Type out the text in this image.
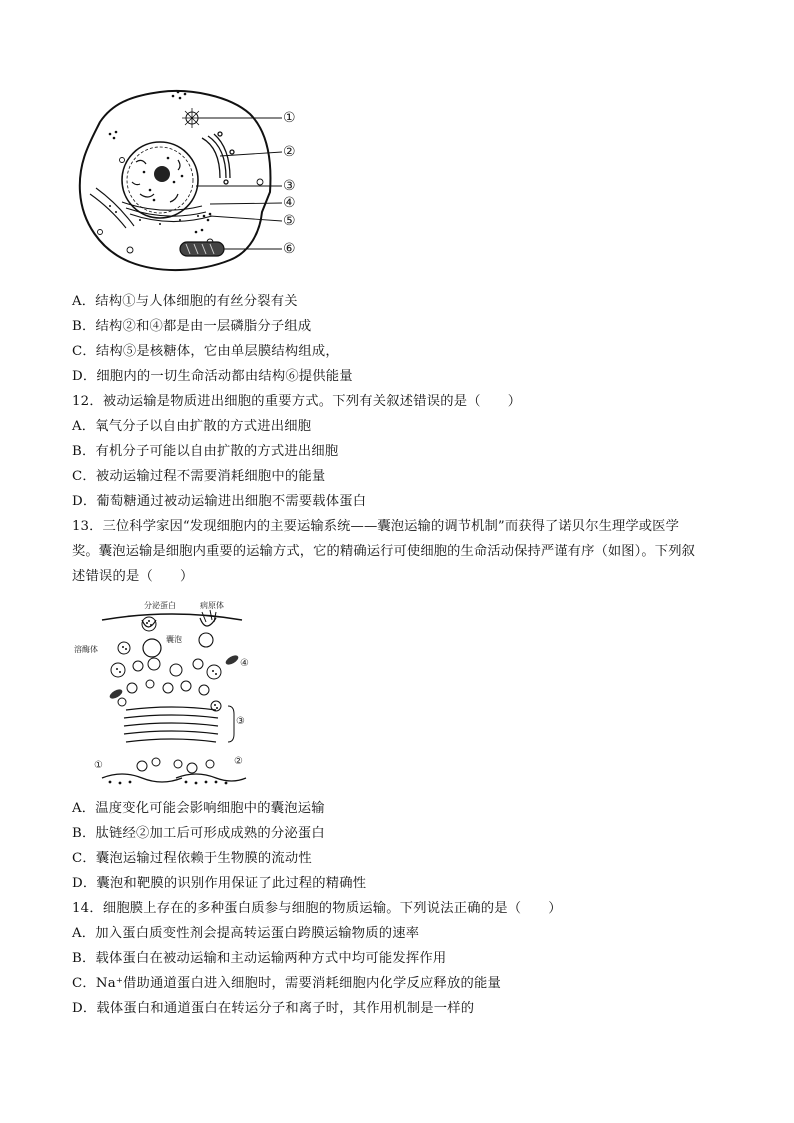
①
②
③
④
⑤
⑥
A．结构①与人体细胞的有丝分裂有关
B．结构②和④都是由一层磷脂分子组成
C．结构⑤是核糖体，它由单层膜结构组成，
D．细胞内的一切生命活动都由结构⑥提供能量
12．被动运输是物质进出细胞的重要方式。下列有关叙述错误的是（　　）
A．氧气分子以自由扩散的方式进出细胞
B．有机分子可能以自由扩散的方式进出细胞
C．被动运输过程不需要消耗细胞中的能量
D．葡萄糖通过被动运输进出细胞不需要载体蛋白
13．三位科学家因“发现细胞内的主要运输系统——囊泡运输的调节机制”而获得了诺贝尔生理学或医学
奖。囊泡运输是细胞内重要的运输方式，它的精确运行可使细胞的生命活动保持严谨有序（如图）。下列叙
述错误的是（　　）
分泌蛋白	病原体
囊泡
溶酶体
①	②
③
④
A．温度变化可能会影响细胞中的囊泡运输
B．肽链经②加工后可形成成熟的分泌蛋白
C．囊泡运输过程依赖于生物膜的流动性
D．囊泡和靶膜的识别作用保证了此过程的精确性
14．细胞膜上存在的多种蛋白质参与细胞的物质运输。下列说法正确的是（　　）
A．加入蛋白质变性剂会提高转运蛋白跨膜运输物质的速率
B．载体蛋白在被动运输和主动运输两种方式中均可能发挥作用
C．Na⁺借助通道蛋白进入细胞时，需要消耗细胞内化学反应释放的能量
D．载体蛋白和通道蛋白在转运分子和离子时，其作用机制是一样的
